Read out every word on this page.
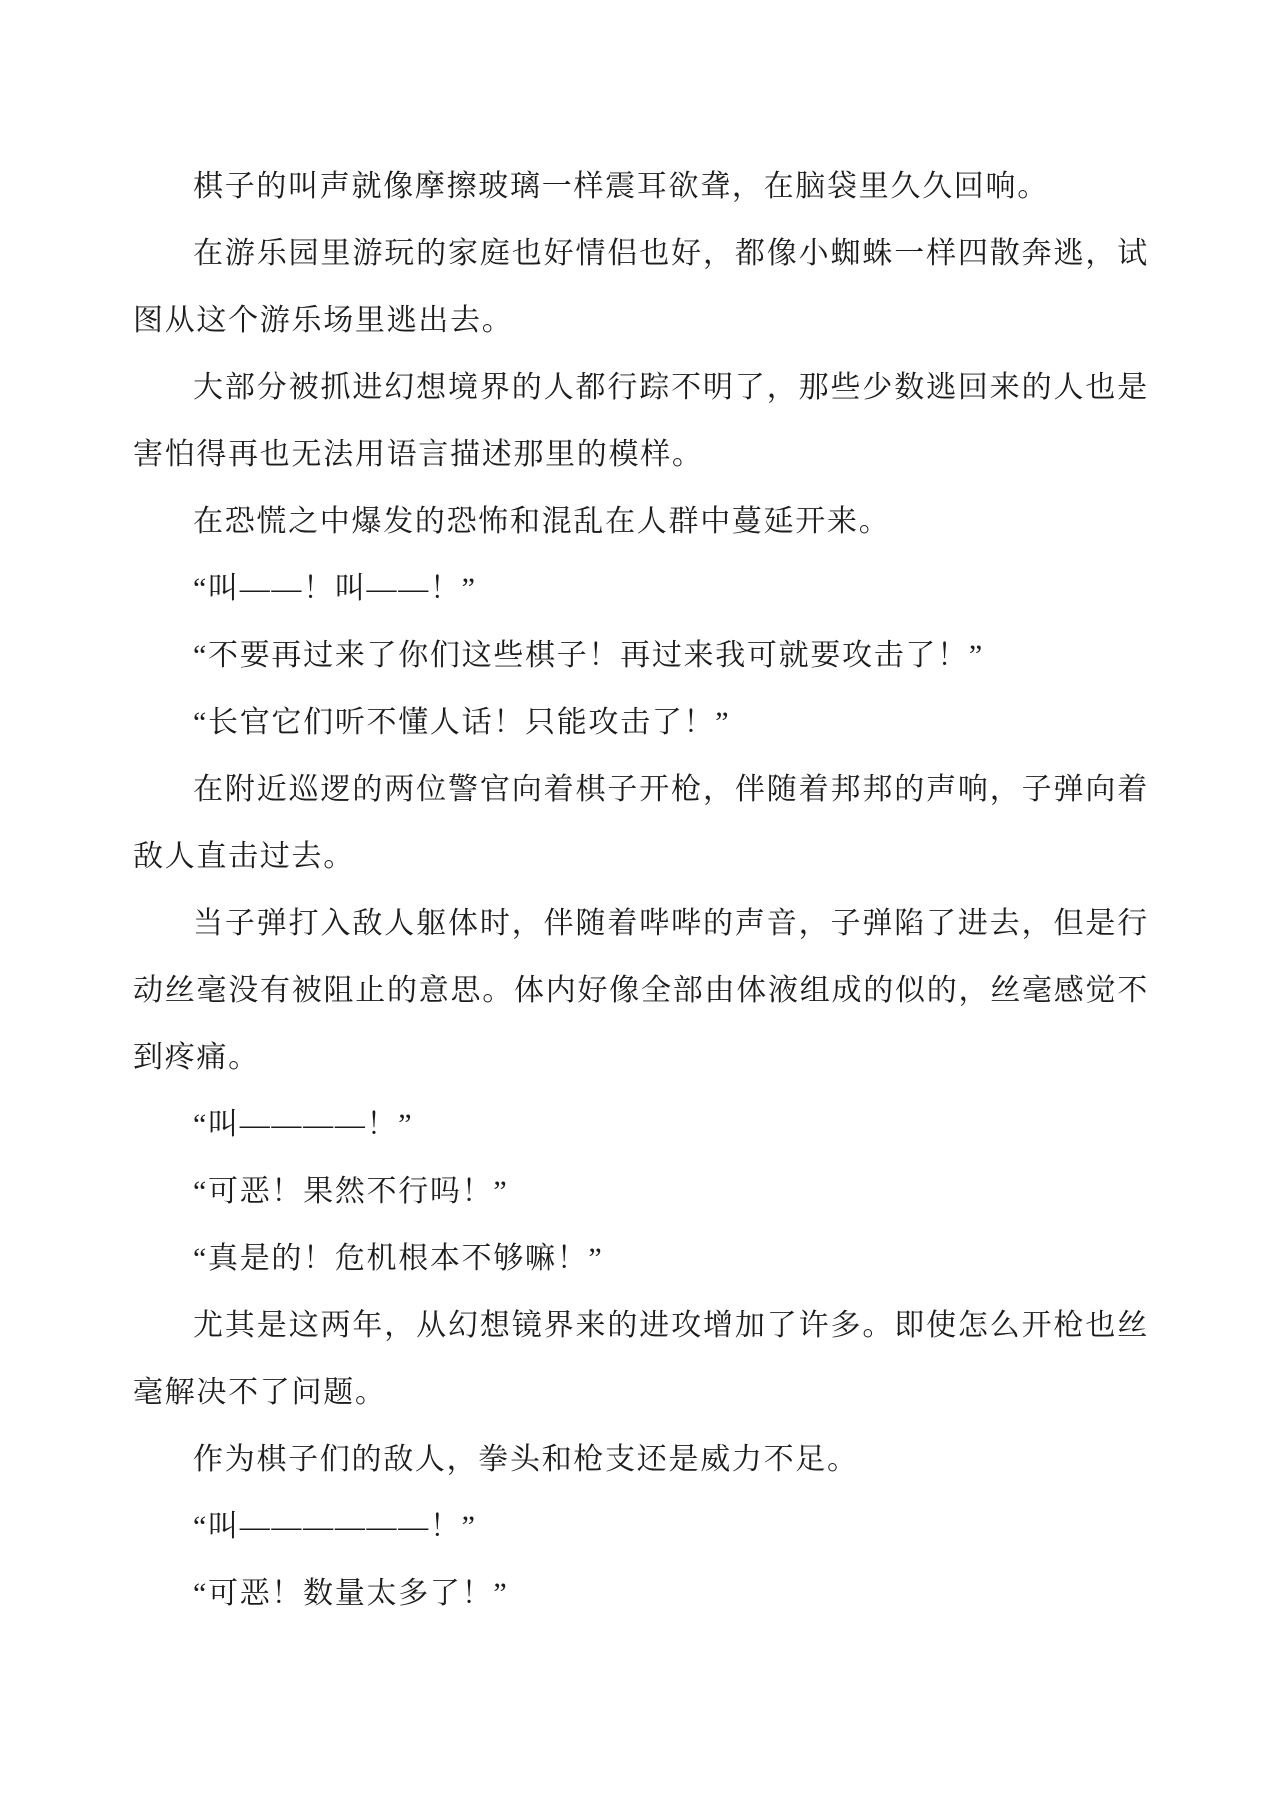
棋子的叫声就像摩擦玻璃一样震耳欲聋，在脑袋里久久回响。

在游乐园里游玩的家庭也好情侣也好，都像小蜘蛛一样四散奔逃，试图从这个游乐场里逃出去。

大部分被抓进幻想境界的人都行踪不明了，那些少数逃回来的人也是害怕得再也无法用语言描述那里的模样。

在恐慌之中爆发的恐怖和混乱在人群中蔓延开来。

“叫——！叫——！”

“不要再过来了你们这些棋子！再过来我可就要攻击了！”

“长官它们听不懂人话！只能攻击了！”

在附近巡逻的两位警官向着棋子开枪，伴随着邦邦的声响，子弹向着敌人直击过去。

当子弹打入敌人躯体时，伴随着哔哔的声音，子弹陷了进去，但是行动丝毫没有被阻止的意思。体内好像全部由体液组成的似的，丝毫感觉不到疼痛。

“叫————！”

“可恶！果然不行吗！”

“真是的！危机根本不够嘛！”

尤其是这两年，从幻想镜界来的进攻增加了许多。即使怎么开枪也丝毫解决不了问题。

作为棋子们的敌人，拳头和枪支还是威力不足。

“叫——————！”

“可恶！数量太多了！”
